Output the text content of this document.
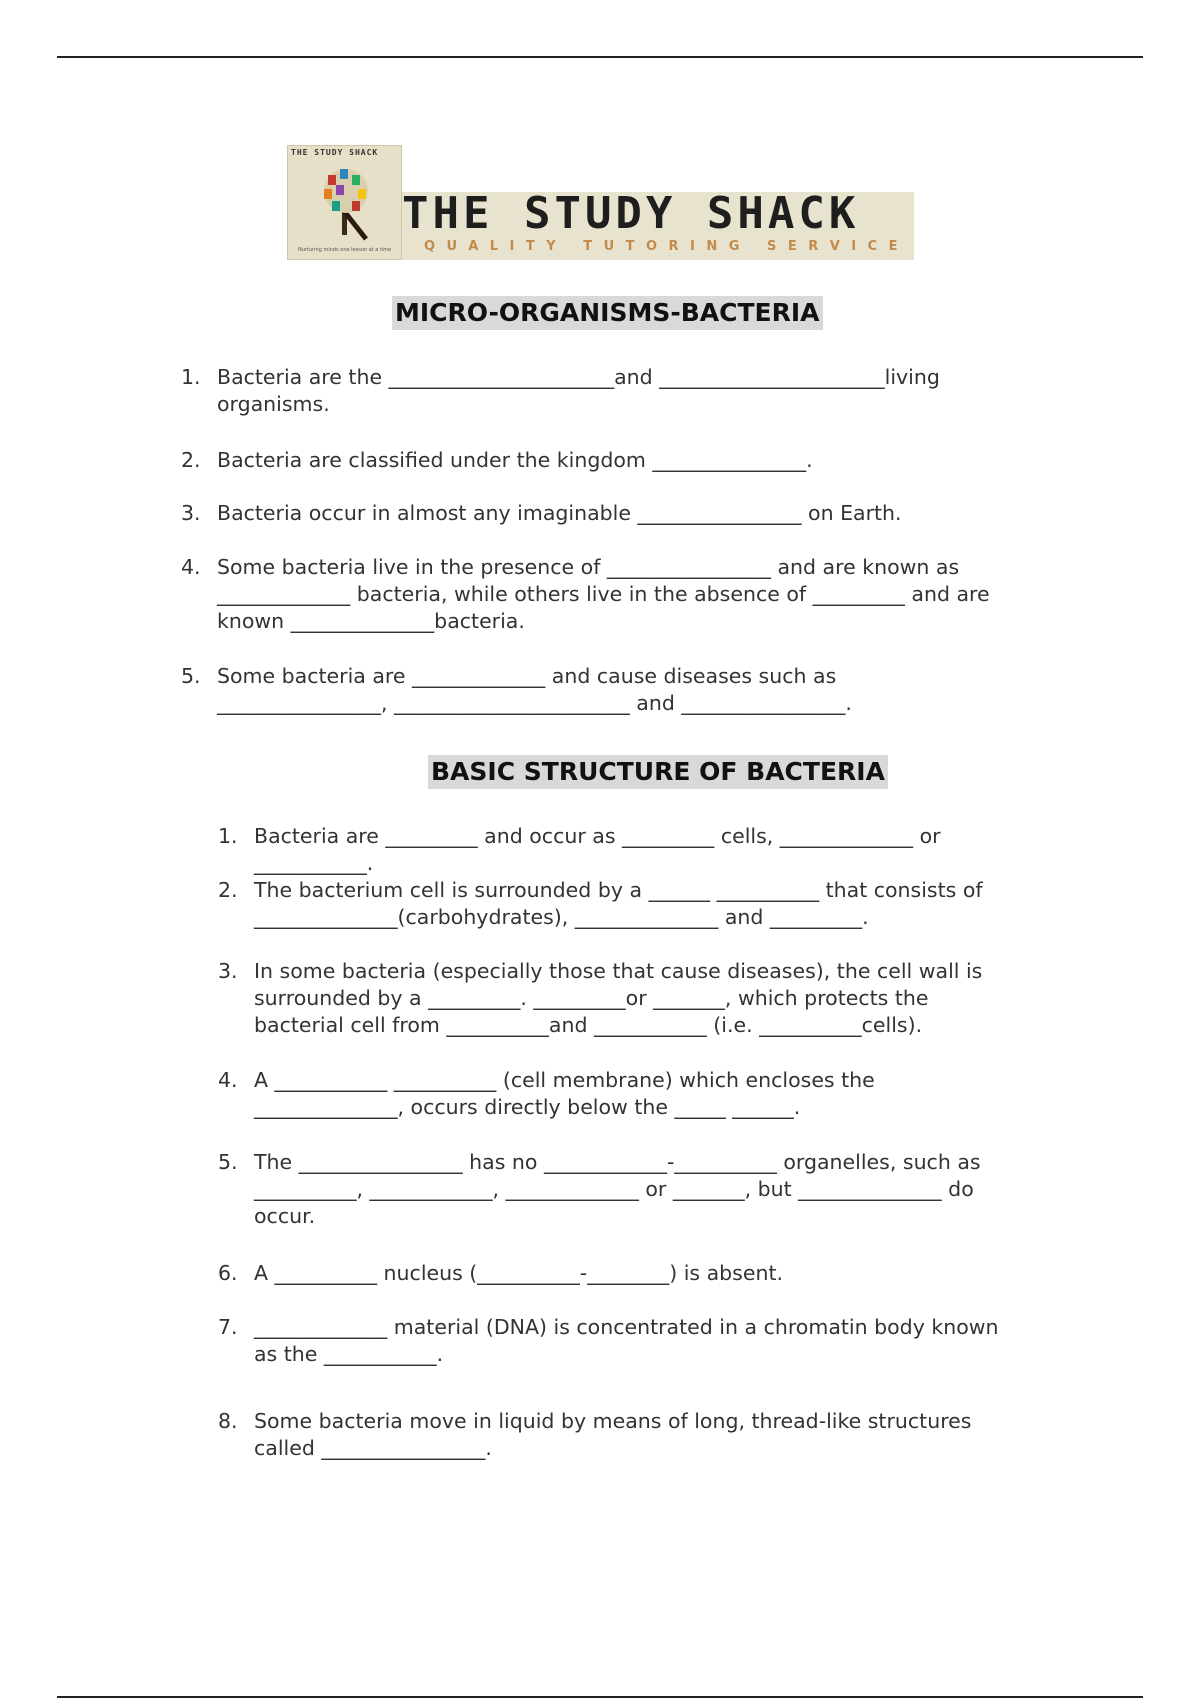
THE STUDY SHACK
Nurturing minds one lesson at a time
THE STUDY SHACK
QUALITY TUTORING SERVICE
MICRO-ORGANISMS-BACTERIA
1. Bacteria are the ______________________and ______________________living
organisms.
2. Bacteria are classified under the kingdom _______________.
3. Bacteria occur in almost any imaginable ________________ on Earth.
4. Some bacteria live in the presence of ________________ and are known as
_____________ bacteria, while others live in the absence of _________ and are
known ______________bacteria.
5. Some bacteria are _____________ and cause diseases such as
________________, _______________________ and ________________.
BASIC STRUCTURE OF BACTERIA
1. Bacteria are _________ and occur as _________ cells, _____________ or
___________.
2. The bacterium cell is surrounded by a ______ __________ that consists of
______________(carbohydrates), ______________ and _________.
3. In some bacteria (especially those that cause diseases), the cell wall is
surrounded by a _________. _________or _______, which protects the
bacterial cell from __________and ___________ (i.e. __________cells).
4. A ___________ __________ (cell membrane) which encloses the
______________, occurs directly below the _____ ______.
5. The ________________ has no ____________-__________ organelles, such as
__________, ____________, _____________ or _______, but ______________ do
occur.
6. A __________ nucleus (__________-________) is absent.
7. _____________ material (DNA) is concentrated in a chromatin body known
as the ___________.
8. Some bacteria move in liquid by means of long, thread-like structures
called ________________.
